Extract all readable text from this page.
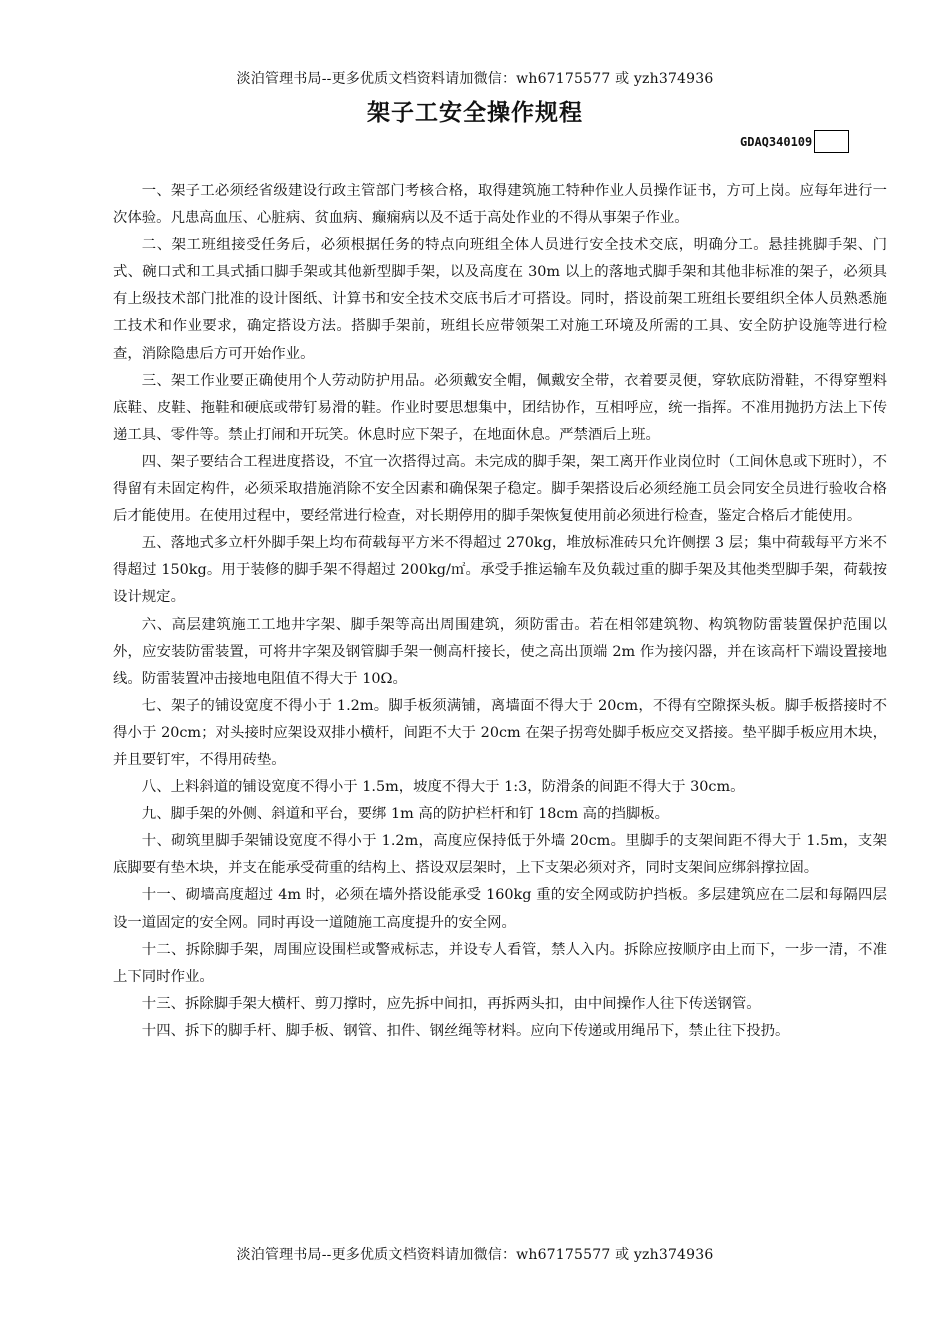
淡泊管理书局--更多优质文档资料请加微信：wh67175577 或 yzh374936
架子工安全操作规程
GDAQ340109

一、架子工必须经省级建设行政主管部门考核合格，取得建筑施工特种作业人员操作证书，方可上岗。应每年进行一次体验。凡患高血压、心脏病、贫血病、癫痫病以及不适于高处作业的不得从事架子作业。

二、架工班组接受任务后，必须根据任务的特点向班组全体人员进行安全技术交底，明确分工。悬挂挑脚手架、门式、碗口式和工具式插口脚手架或其他新型脚手架，以及高度在 30m 以上的落地式脚手架和其他非标准的架子，必须具有上级技术部门批准的设计图纸、计算书和安全技术交底书后才可搭设。同时，搭设前架工班组长要组织全体人员熟悉施工技术和作业要求，确定搭设方法。搭脚手架前，班组长应带领架工对施工环境及所需的工具、安全防护设施等进行检查，消除隐患后方可开始作业。

三、架工作业要正确使用个人劳动防护用品。必须戴安全帽，佩戴安全带，衣着要灵便，穿软底防滑鞋，不得穿塑料底鞋、皮鞋、拖鞋和硬底或带钉易滑的鞋。作业时要思想集中，团结协作，互相呼应，统一指挥。不准用抛扔方法上下传递工具、零件等。禁止打闹和开玩笑。休息时应下架子，在地面休息。严禁酒后上班。

四、架子要结合工程进度搭设，不宜一次搭得过高。未完成的脚手架，架工离开作业岗位时（工间休息或下班时），不得留有未固定构件，必须采取措施消除不安全因素和确保架子稳定。脚手架搭设后必须经施工员会同安全员进行验收合格后才能使用。在使用过程中，要经常进行检查，对长期停用的脚手架恢复使用前必须进行检查，鉴定合格后才能使用。

五、落地式多立杆外脚手架上均布荷载每平方米不得超过 270kg，堆放标准砖只允许侧摆 3 层；集中荷载每平方米不得超过 150kg。用于装修的脚手架不得超过 200kg/㎡。承受手推运输车及负载过重的脚手架及其他类型脚手架，荷载按设计规定。

六、高层建筑施工工地井字架、脚手架等高出周围建筑，须防雷击。若在相邻建筑物、构筑物防雷装置保护范围以外，应安装防雷装置，可将井字架及钢管脚手架一侧高杆接长，使之高出顶端 2m 作为接闪器，并在该高杆下端设置接地线。防雷装置冲击接地电阻值不得大于 10Ω。

七、架子的铺设宽度不得小于 1.2m。脚手板须满铺，离墙面不得大于 20cm，不得有空隙探头板。脚手板搭接时不得小于 20cm；对头接时应架设双排小横杆，间距不大于 20cm 在架子拐弯处脚手板应交叉搭接。垫平脚手板应用木块，并且要钉牢，不得用砖垫。

八、上料斜道的铺设宽度不得小于 1.5m，坡度不得大于 1:3，防滑条的间距不得大于 30cm。

九、脚手架的外侧、斜道和平台，要绑 1m 高的防护栏杆和钉 18cm 高的挡脚板。

十、砌筑里脚手架铺设宽度不得小于 1.2m，高度应保持低于外墙 20cm。里脚手的支架间距不得大于 1.5m，支架底脚要有垫木块，并支在能承受荷重的结构上、搭设双层架时，上下支架必须对齐，同时支架间应绑斜撑拉固。

十一、砌墙高度超过 4m 时，必须在墙外搭设能承受 160kg 重的安全网或防护挡板。多层建筑应在二层和每隔四层设一道固定的安全网。同时再设一道随施工高度提升的安全网。

十二、拆除脚手架，周围应设围栏或警戒标志，并设专人看管，禁人入内。拆除应按顺序由上而下，一步一清，不准上下同时作业。

十三、拆除脚手架大横杆、剪刀撑时，应先拆中间扣，再拆两头扣，由中间操作人往下传送钢管。

十四、拆下的脚手杆、脚手板、钢管、扣件、钢丝绳等材料。应向下传递或用绳吊下，禁止往下投扔。

淡泊管理书局--更多优质文档资料请加微信：wh67175577 或 yzh374936
